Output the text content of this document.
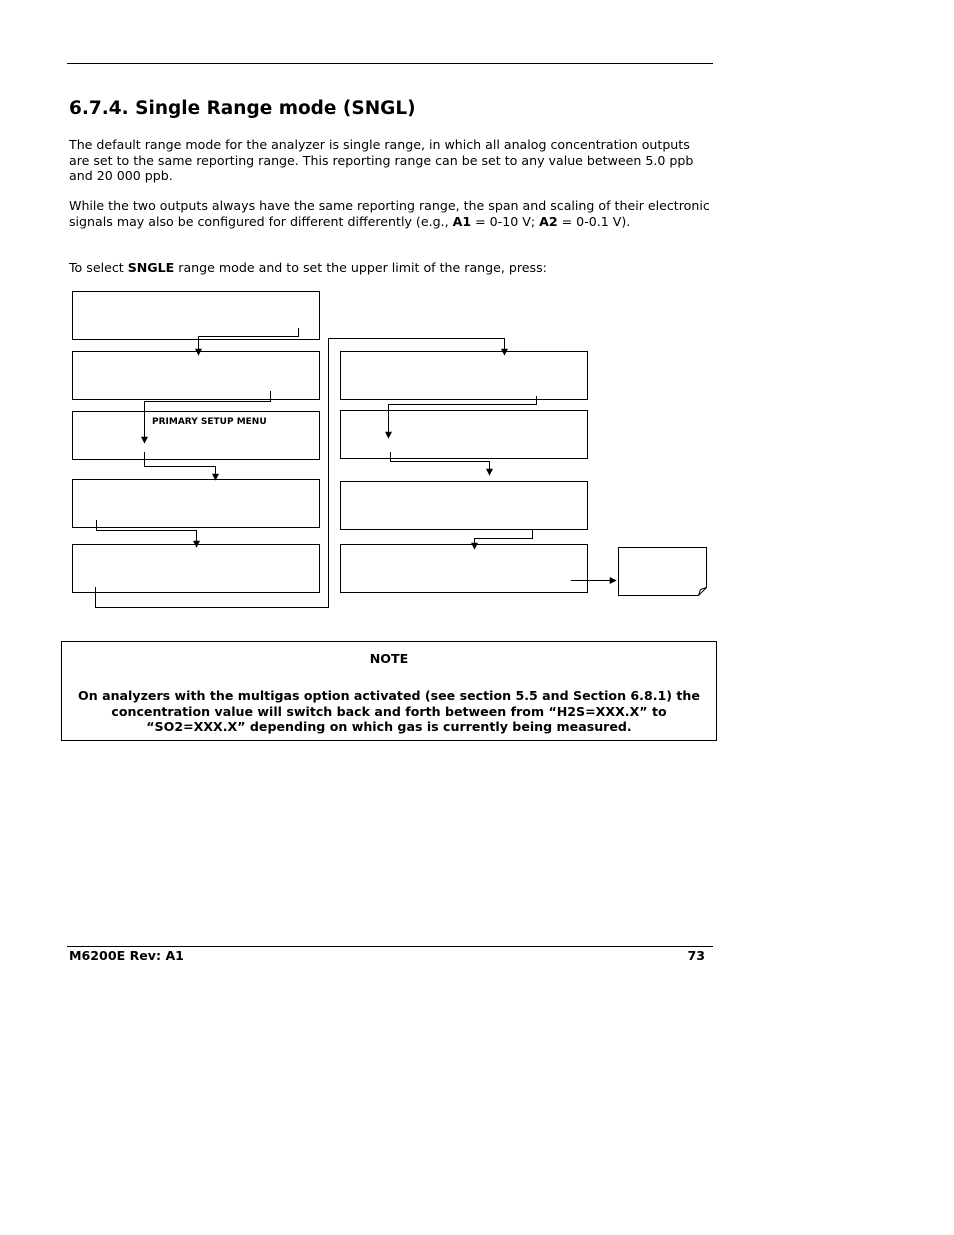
6.7.4. Single Range mode (SNGL)
The default range mode for the analyzer is single range, in which all analog concentration outputs are set to the same reporting range. This reporting range can be set to any value between 5.0 ppb and 20 000 ppb.
While the two outputs always have the same reporting range, the span and scaling of their electronic signals may also be configured for different differently (e.g., A1 = 0-10 V; A2 = 0-0.1 V).
To select SNGLE range mode and to set the upper limit of the range, press:
PRIMARY SETUP MENU
NOTE
On analyzers with the multigas option activated (see section 5.5 and Section 6.8.1) the concentration value will switch back and forth between from “H2S=XXX.X” to “SO2=XXX.X” depending on which gas is currently being measured.
M6200E Rev: A1	73
